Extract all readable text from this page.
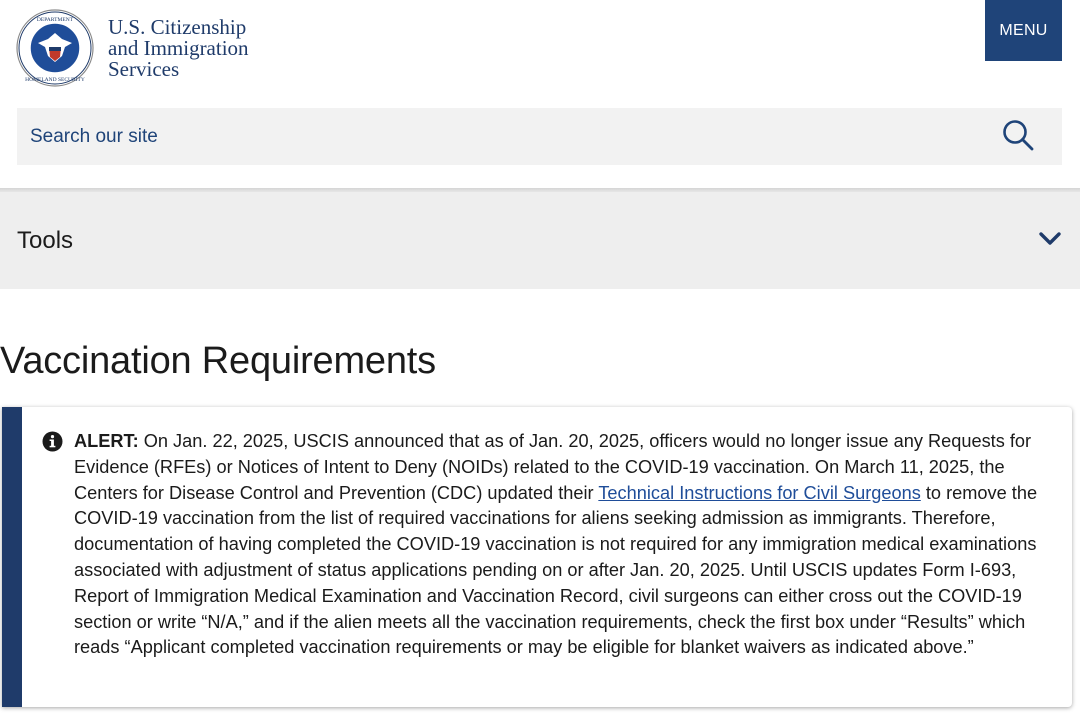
DEPARTMENT
HOMELAND SECURITY
U.S. Citizenship
and Immigration
Services
MENU
Search our site
Tools
Vaccination Requirements

ALERT: On Jan. 22, 2025, USCIS announced that as of Jan. 20, 2025, officers would no longer issue any Requests for Evidence (RFEs) or Notices of Intent to Deny (NOIDs) related to the COVID-19 vaccination. On March 11, 2025, the Centers for Disease Control and Prevention (CDC) updated their Technical Instructions for Civil Surgeons to remove the COVID-19 vaccination from the list of required vaccinations for aliens seeking admission as immigrants. Therefore, documentation of having completed the COVID-19 vaccination is not required for any immigration medical examinations associated with adjustment of status applications pending on or after Jan. 20, 2025. Until USCIS updates Form I-693, Report of Immigration Medical Examination and Vaccination Record, civil surgeons can either cross out the COVID-19 section or write “N/A,” and if the alien meets all the vaccination requirements, check the first box under “Results” which reads “Applicant completed vaccination requirements or may be eligible for blanket waivers as indicated above.”
